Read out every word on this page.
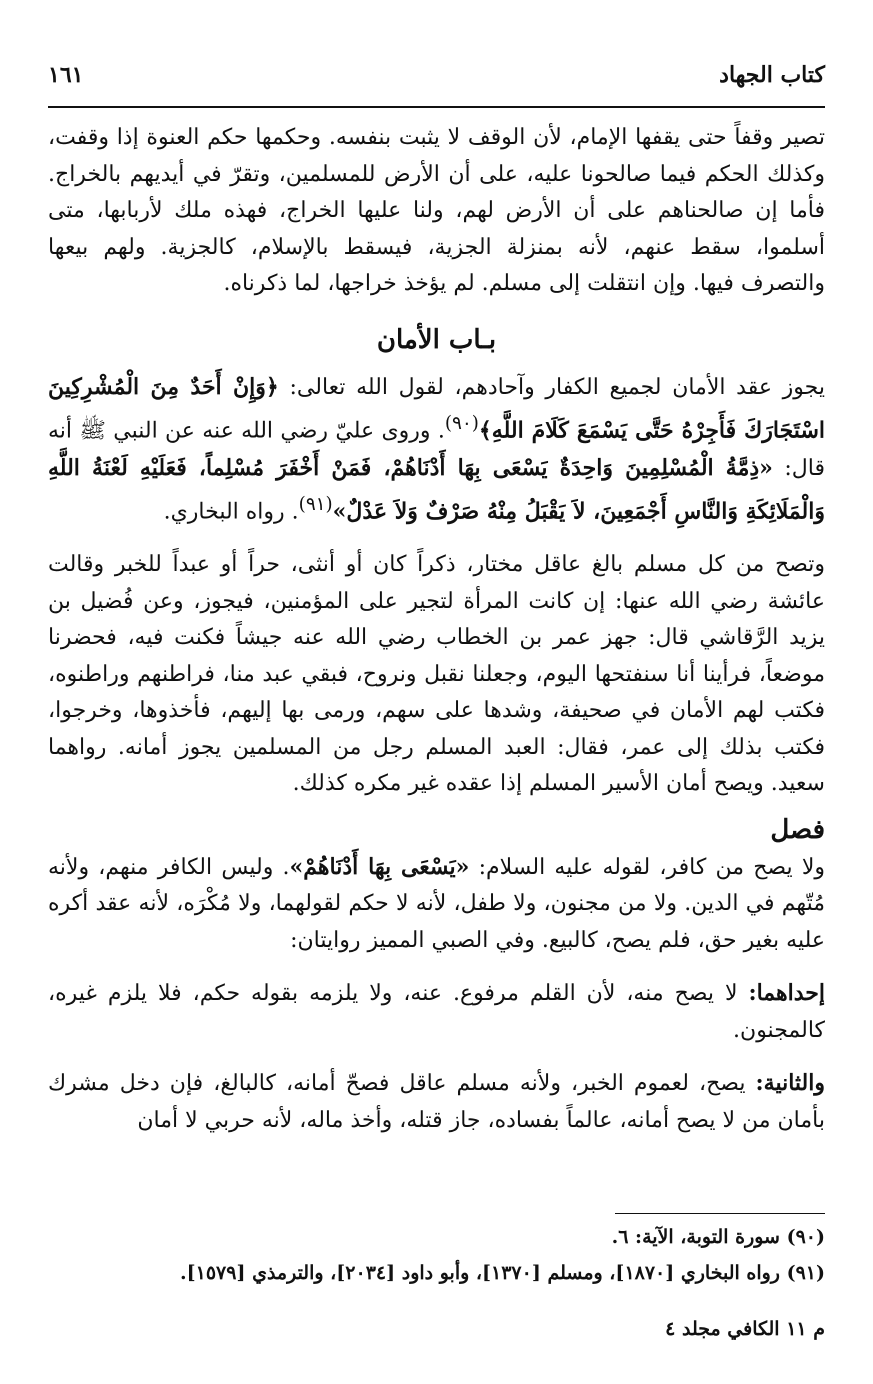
كتاب الجهاد
١٦١

تصير وقفاً حتى يقفها الإمام، لأن الوقف لا يثبت بنفسه. وحكمها حكم العنوة إذا وقفت، وكذلك الحكم فيما صالحونا عليه، على أن الأرض للمسلمين، وتقرّ في أيديهم بالخراج. فأما إن صالحناهم على أن الأرض لهم، ولنا عليها الخراج، فهذه ملك لأربابها، متى أسلموا، سقط عنهم، لأنه بمنزلة الجزية، فيسقط بالإسلام، كالجزية. ولهم بيعها والتصرف فيها. وإن انتقلت إلى مسلم. لم يؤخذ خراجها، لما ذكرناه.

بـاب الأمان

يجوز عقد الأمان لجميع الكفار وآحادهم، لقول الله تعالى: ﴿وَإِنْ أَحَدٌ مِنَ الْمُشْرِكِينَ اسْتَجَارَكَ فَأَجِرْهُ حَتَّى يَسْمَعَ كَلَامَ اللَّهِ﴾$^{(٩٠)}$. وروى عليّ رضي الله عنه عن النبي ﷺ أنه قال: «ذِمَّةُ الْمُسْلِمِينَ وَاحِدَةٌ يَسْعَى بِهَا أَدْنَاهُمْ، فَمَنْ أَخْفَرَ مُسْلِماً، فَعَلَيْهِ لَعْنَةُ اللَّهِ وَالْمَلَائِكَةِ وَالنَّاسِ أَجْمَعِينَ، لاَ يَقْبَلُ مِنْهُ صَرْفٌ وَلاَ عَدْلٌ»$^{(٩١)}$. رواه البخاري.

وتصح من كل مسلم بالغ عاقل مختار، ذكراً كان أو أنثى، حراً أو عبداً للخبر وقالت عائشة رضي الله عنها: إن كانت المرأة لتجير على المؤمنين، فيجوز، وعن فُضيل بن يزيد الرَّقاشي قال: جهز عمر بن الخطاب رضي الله عنه جيشاً فكنت فيه، فحضرنا موضعاً، فرأينا أنا سنفتحها اليوم، وجعلنا نقبل ونروح، فبقي عبد منا، فراطنهم وراطنوه، فكتب لهم الأمان في صحيفة، وشدها على سهم، ورمى بها إليهم، فأخذوها، وخرجوا، فكتب بذلك إلى عمر، فقال: العبد المسلم رجل من المسلمين يجوز أمانه. رواهما سعيد. ويصح أمان الأسير المسلم إذا عقده غير مكره كذلك.

فصل

ولا يصح من كافر، لقوله عليه السلام: «يَسْعَى بِهَا أَدْنَاهُمْ». وليس الكافر منهم، ولأنه مُتّهم في الدين. ولا من مجنون، ولا طفل، لأنه لا حكم لقولهما، ولا مُكْرَه، لأنه عقد أكره عليه بغير حق، فلم يصح، كالبيع. وفي الصبي المميز روايتان:

إحداهما: لا يصح منه، لأن القلم مرفوع. عنه، ولا يلزمه بقوله حكم، فلا يلزم غيره، كالمجنون.

والثانية: يصح، لعموم الخبر، ولأنه مسلم عاقل فصحّ أمانه، كالبالغ، فإن دخل مشرك بأمان من لا يصح أمانه، عالماً بفساده، جاز قتله، وأخذ ماله، لأنه حربي لا أمان

(٩٠) سورة التوبة، الآية: ٦.

(٩١) رواه البخاري [١٨٧٠]، ومسلم [١٣٧٠]، وأبو داود [٢٠٣٤]، والترمذي [١٥٧٩].

م ١١ الكافي مجلد ٤
